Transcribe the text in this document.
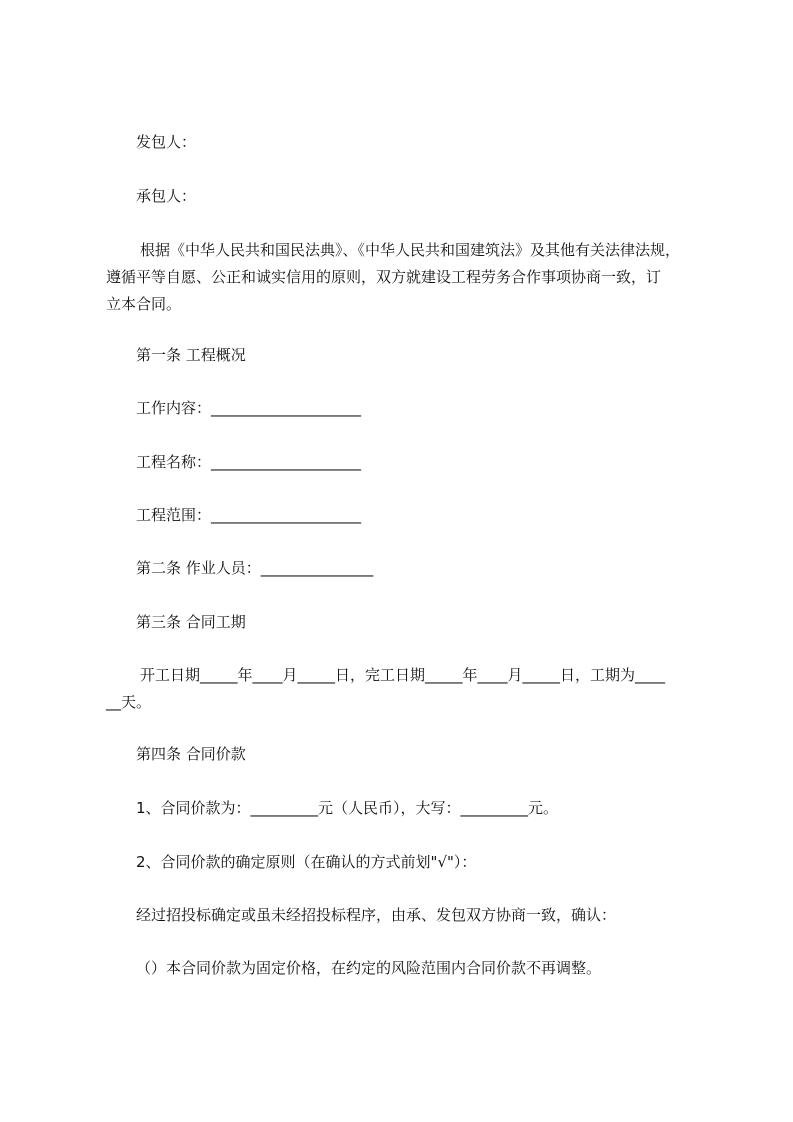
发包人：
承包人：
根据《中华人民共和国民法典》、《中华人民共和国建筑法》及其他有关法律法规，
遵循平等自愿、公正和诚实信用的原则，双方就建设工程劳务合作事项协商一致，订
立本合同。
第一条 工程概况
工作内容：____________________
工程名称：____________________
工程范围：____________________
第二条 作业人员：_______________
第三条 合同工期
开工日期_____年____月_____日，完工日期_____年____月_____日，工期为____
__天。
第四条 合同价款
1、合同价款为：_________元（人民币），大写：_________元。
2、合同价款的确定原则（在确认的方式前划"√"）：
经过招投标确定或虽未经招投标程序，由承、发包双方协商一致，确认：
（）本合同价款为固定价格，在约定的风险范围内合同价款不再调整。
